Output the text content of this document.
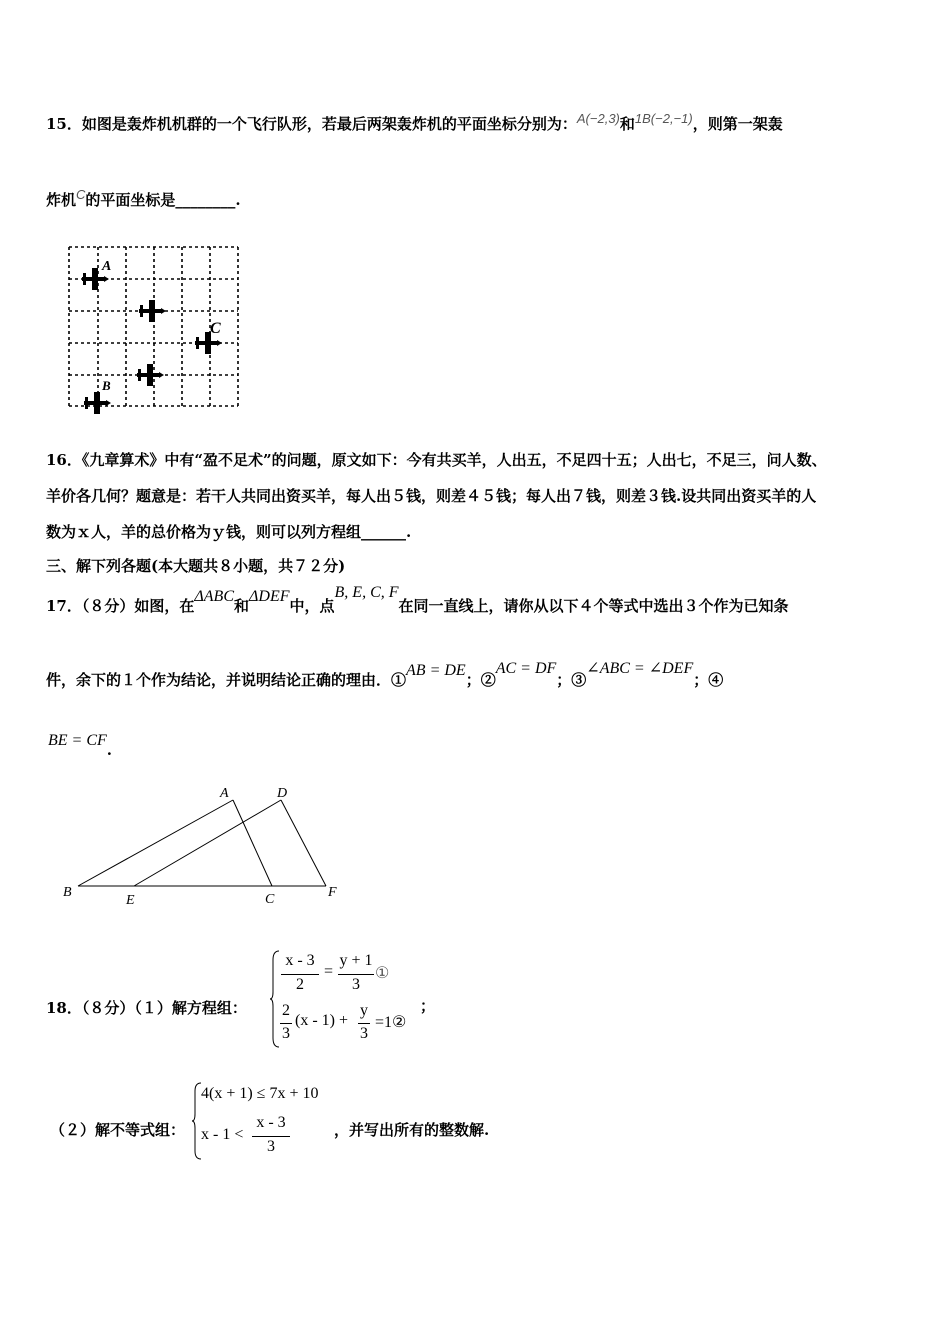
15．如图是轰炸机机群的一个飞行队形，若最后两架轰炸机的平面坐标分别为：A(−2,3)和1B(−2,−1)，则第一架轰
炸机C的平面坐标是________.
A
C
B
16．《九章算术》中有“盈不足术”的问题，原文如下：今有共买羊，人出五，不足四十五；人出七，不足三，问人数、
羊价各几何？题意是：若干人共同出资买羊，每人出５钱，则差４５钱；每人出７钱，则差３钱.设共同出资买羊的人
数为ｘ人，羊的总价格为ｙ钱，则可以列方程组______.
三、解下列各题(本大题共８小题，共７２分)
17．（８分）如图，在ΔABC和ΔDEF中，点B, E, C, F在同一直线上，请你从以下４个等式中选出３个作为已知条
件，余下的１个作为结论，并说明结论正确的理由．①AB = DE；②AC = DF；③∠ABC = ∠DEF；④
BE = CF.
A	D
B
E	C	F
18．（８分）（１）解方程组：
x - 3
2
=
y + 1
3
①
2
3
(x - 1) +
y
3
=1②
；
（２）解不等式组：
4(x + 1) ≤ 7x + 10
x - 1 <
x - 3
3
，并写出所有的整数解.
